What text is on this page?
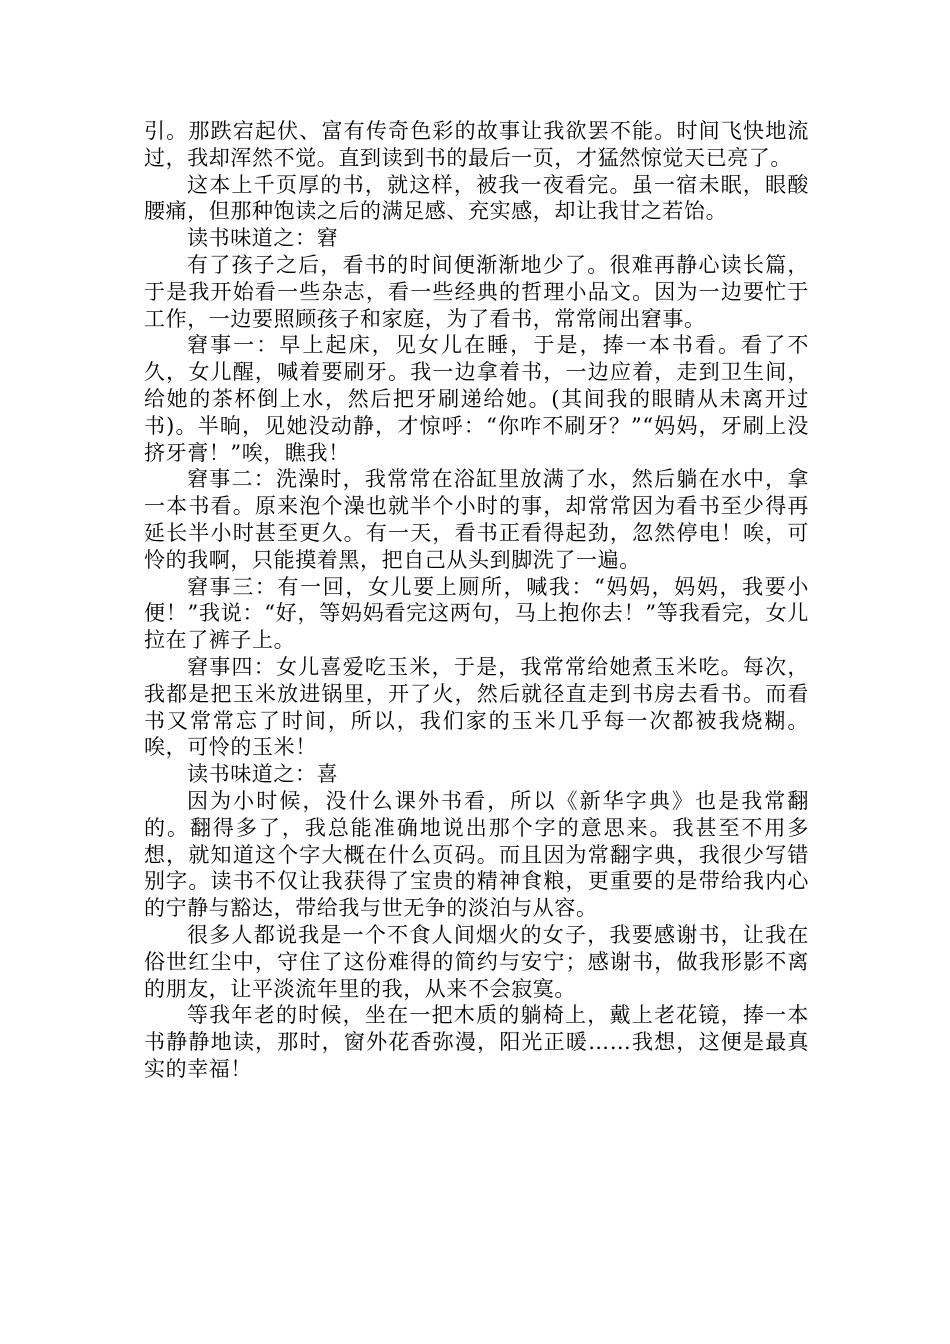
引。那跌宕起伏、富有传奇色彩的故事让我欲罢不能。时间飞快地流过，我却浑然不觉。直到读到书的最后一页，才猛然惊觉天已亮了。

这本上千页厚的书，就这样，被我一夜看完。虽一宿未眠，眼酸腰痛，但那种饱读之后的满足感、充实感，却让我甘之若饴。

读书味道之：窘

有了孩子之后，看书的时间便渐渐地少了。很难再静心读长篇，于是我开始看一些杂志，看一些经典的哲理小品文。因为一边要忙于工作，一边要照顾孩子和家庭，为了看书，常常闹出窘事。

窘事一：早上起床，见女儿在睡，于是，捧一本书看。看了不久，女儿醒，喊着要刷牙。我一边拿着书，一边应着，走到卫生间，给她的茶杯倒上水，然后把牙刷递给她。(其间我的眼睛从未离开过书)。半晌，见她没动静，才惊呼：“你咋不刷牙？”“妈妈，牙刷上没挤牙膏！”唉，瞧我！

窘事二：洗澡时，我常常在浴缸里放满了水，然后躺在水中，拿一本书看。原来泡个澡也就半个小时的事，却常常因为看书至少得再延长半小时甚至更久。有一天，看书正看得起劲，忽然停电！唉，可怜的我啊，只能摸着黑，把自己从头到脚洗了一遍。

窘事三：有一回，女儿要上厕所，喊我：“妈妈，妈妈，我要小便！”我说：“好，等妈妈看完这两句，马上抱你去！”等我看完，女儿拉在了裤子上。

窘事四：女儿喜爱吃玉米，于是，我常常给她煮玉米吃。每次，我都是把玉米放进锅里，开了火，然后就径直走到书房去看书。而看书又常常忘了时间，所以，我们家的玉米几乎每一次都被我烧糊。唉，可怜的玉米！

读书味道之：喜

因为小时候，没什么课外书看，所以《新华字典》也是我常翻的。翻得多了，我总能准确地说出那个字的意思来。我甚至不用多想，就知道这个字大概在什么页码。而且因为常翻字典，我很少写错别字。读书不仅让我获得了宝贵的精神食粮，更重要的是带给我内心的宁静与豁达，带给我与世无争的淡泊与从容。

很多人都说我是一个不食人间烟火的女子，我要感谢书，让我在俗世红尘中，守住了这份难得的简约与安宁；感谢书，做我形影不离的朋友，让平淡流年里的我，从来不会寂寞。

等我年老的时候，坐在一把木质的躺椅上，戴上老花镜，捧一本书静静地读，那时，窗外花香弥漫，阳光正暖……我想，这便是最真实的幸福！
